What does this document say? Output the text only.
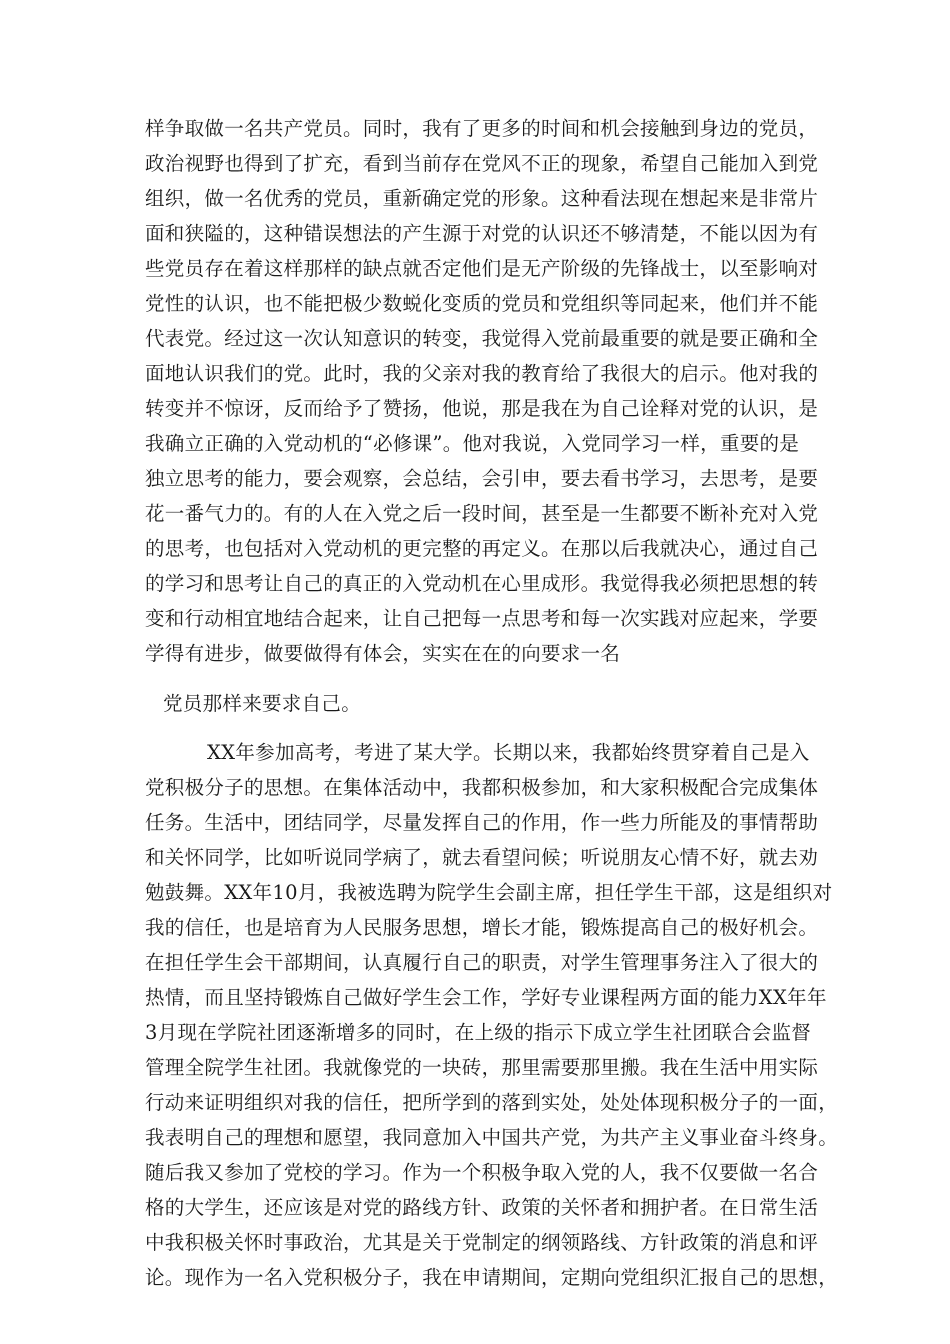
样争取做一名共产党员。同时，我有了更多的时间和机会接触到身边的党员，
政治视野也得到了扩充，看到当前存在党风不正的现象，希望自己能加入到党
组织，做一名优秀的党员，重新确定党的形象。这种看法现在想起来是非常片
面和狭隘的，这种错误想法的产生源于对党的认识还不够清楚，不能以因为有
些党员存在着这样那样的缺点就否定他们是无产阶级的先锋战士，以至影响对
党性的认识，也不能把极少数蜕化变质的党员和党组织等同起来，他们并不能
代表党。经过这一次认知意识的转变，我觉得入党前最重要的就是要正确和全
面地认识我们的党。此时，我的父亲对我的教育给了我很大的启示。他对我的
转变并不惊讶，反而给予了赞扬，他说，那是我在为自己诠释对党的认识，是
我确立正确的入党动机的“必修课”。他对我说，入党同学习一样，重要的是
独立思考的能力，要会观察，会总结，会引申，要去看书学习，去思考，是要
花一番气力的。有的人在入党之后一段时间，甚至是一生都要不断补充对入党
的思考，也包括对入党动机的更完整的再定义。在那以后我就决心，通过自己
的学习和思考让自己的真正的入党动机在心里成形。我觉得我必须把思想的转
变和行动相宜地结合起来，让自己把每一点思考和每一次实践对应起来，学要
学得有进步，做要做得有体会，实实在在的向要求一名
党员那样来要求自己。
XX年参加高考，考进了某大学。长期以来，我都始终贯穿着自己是入
党积极分子的思想。在集体活动中，我都积极参加，和大家积极配合完成集体
任务。生活中，团结同学，尽量发挥自己的作用，作一些力所能及的事情帮助
和关怀同学，比如听说同学病了，就去看望问候；听说朋友心情不好，就去劝
勉鼓舞。XX年10月，我被选聘为院学生会副主席，担任学生干部，这是组织对
我的信任，也是培育为人民服务思想，增长才能，锻炼提高自己的极好机会。
在担任学生会干部期间，认真履行自己的职责，对学生管理事务注入了很大的
热情，而且坚持锻炼自己做好学生会工作，学好专业课程两方面的能力XX年年
3月现在学院社团逐渐增多的同时，在上级的指示下成立学生社团联合会监督
管理全院学生社团。我就像党的一块砖，那里需要那里搬。我在生活中用实际
行动来证明组织对我的信任，把所学到的落到实处，处处体现积极分子的一面，
我表明自己的理想和愿望，我同意加入中国共产党，为共产主义事业奋斗终身。
随后我又参加了党校的学习。作为一个积极争取入党的人，我不仅要做一名合
格的大学生，还应该是对党的路线方针、政策的关怀者和拥护者。在日常生活
中我积极关怀时事政治，尤其是关于党制定的纲领路线、方针政策的消息和评
论。现作为一名入党积极分子，我在申请期间，定期向党组织汇报自己的思想，
